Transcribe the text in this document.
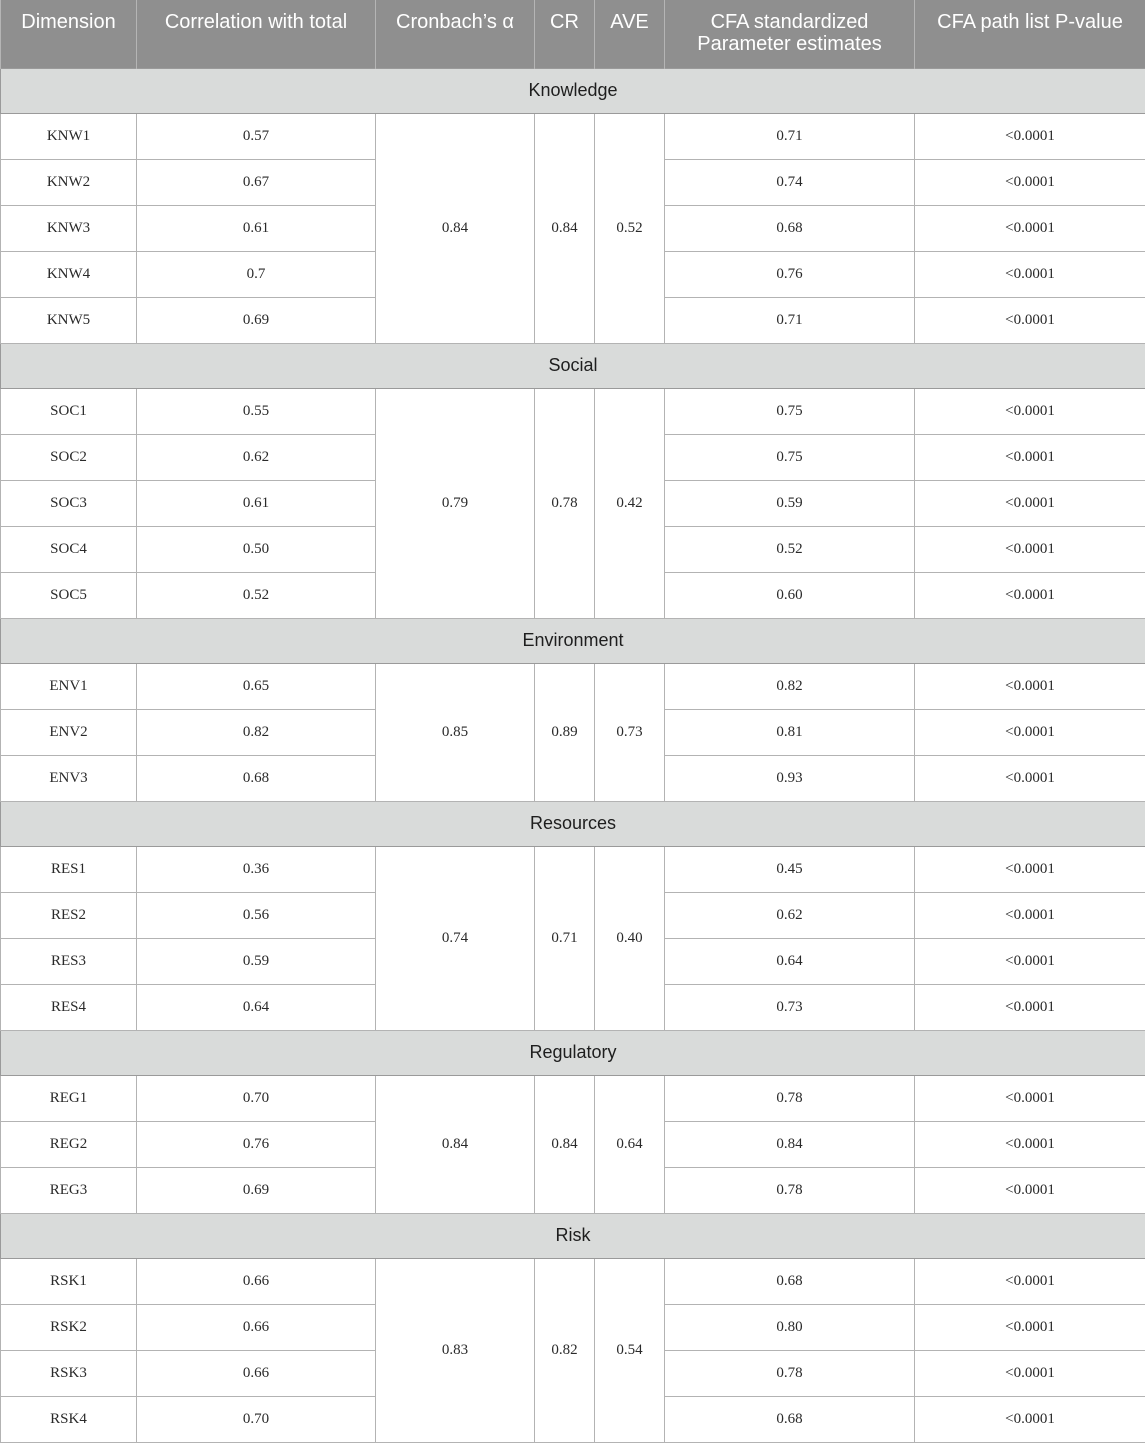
Dimension	Correlation with total	Cronbach’s α	CR	AVE	CFA standardized Parameter estimates	CFA path list P-value

Knowledge						
KNW1	0.57	0.84	0.84	0.52	0.71	<0.0001
KNW2	0.67				0.74	<0.0001
KNW3	0.61				0.68	<0.0001
KNW4	0.7				0.76	<0.0001
KNW5	0.69				0.71	<0.0001
Social						
SOC1	0.55	0.79	0.78	0.42	0.75	<0.0001
SOC2	0.62				0.75	<0.0001
SOC3	0.61				0.59	<0.0001
SOC4	0.50				0.52	<0.0001
SOC5	0.52				0.60	<0.0001
Environment						
ENV1	0.65	0.85	0.89	0.73	0.82	<0.0001
ENV2	0.82				0.81	<0.0001
ENV3	0.68				0.93	<0.0001
Resources						
RES1	0.36	0.74	0.71	0.40	0.45	<0.0001
RES2	0.56				0.62	<0.0001
RES3	0.59				0.64	<0.0001
RES4	0.64				0.73	<0.0001
Regulatory						
REG1	0.70	0.84	0.84	0.64	0.78	<0.0001
REG2	0.76				0.84	<0.0001
REG3	0.69				0.78	<0.0001
Risk						
RSK1	0.66	0.83	0.82	0.54	0.68	<0.0001
RSK2	0.66				0.80	<0.0001
RSK3	0.66				0.78	<0.0001
RSK4	0.70				0.68	<0.0001
